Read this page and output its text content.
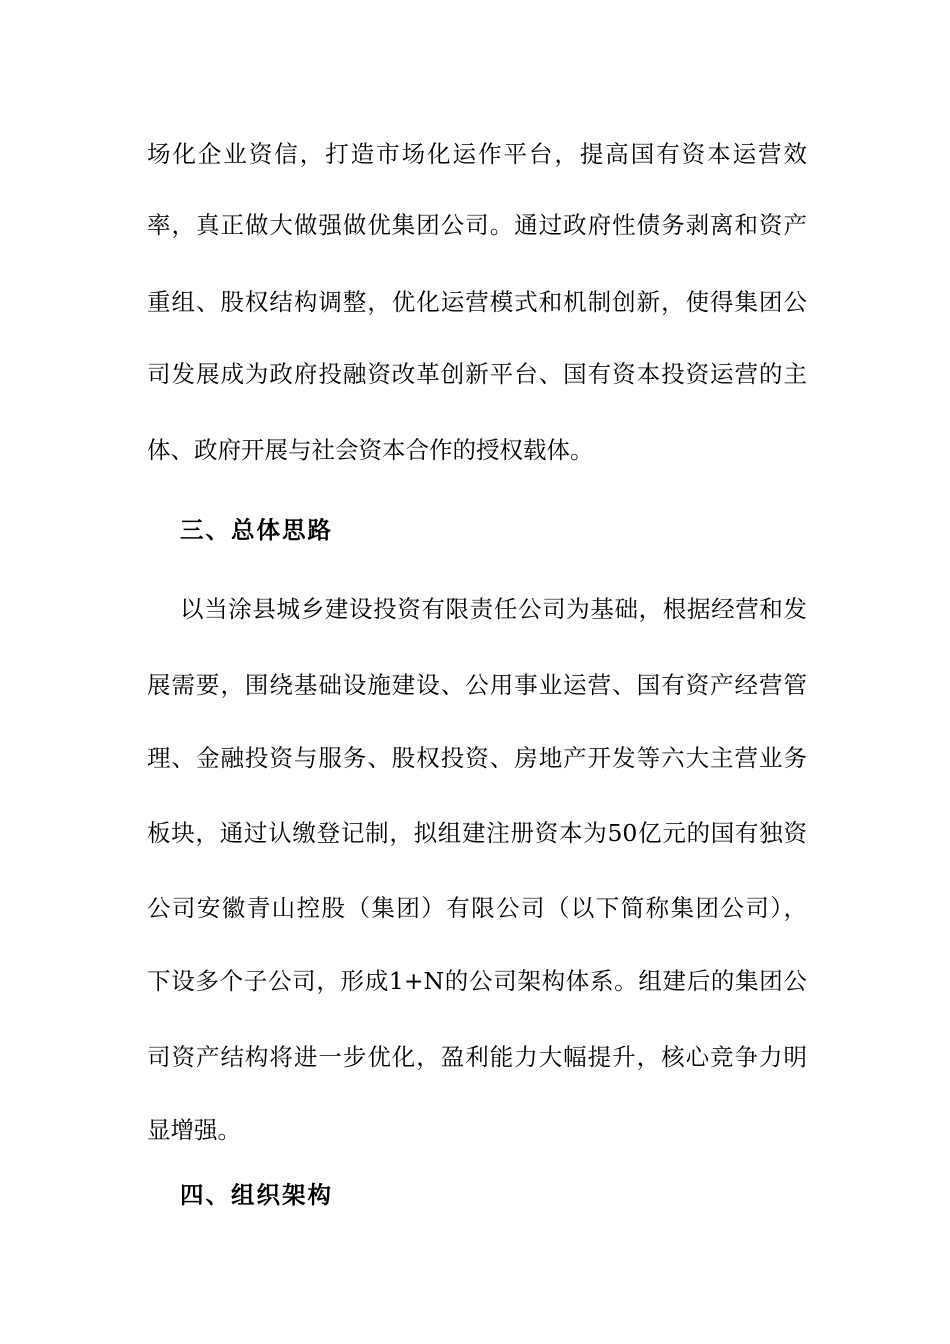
场化企业资信，打造市场化运作平台，提高国有资本运营效
率，真正做大做强做优集团公司。通过政府性债务剥离和资产
重组、股权结构调整，优化运营模式和机制创新，使得集团公
司发展成为政府投融资改革创新平台、国有资本投资运营的主
体、政府开展与社会资本合作的授权载体。
三、总体思路
以当涂县城乡建设投资有限责任公司为基础，根据经营和发
展需要，围绕基础设施建设、公用事业运营、国有资产经营管
理、金融投资与服务、股权投资、房地产开发等六大主营业务
板块，通过认缴登记制，拟组建注册资本为50亿元的国有独资
公司安徽青山控股（集团）有限公司（以下简称集团公司），
下设多个子公司，形成1+N的公司架构体系。组建后的集团公
司资产结构将进一步优化，盈利能力大幅提升，核心竞争力明
显增强。
四、组织架构
